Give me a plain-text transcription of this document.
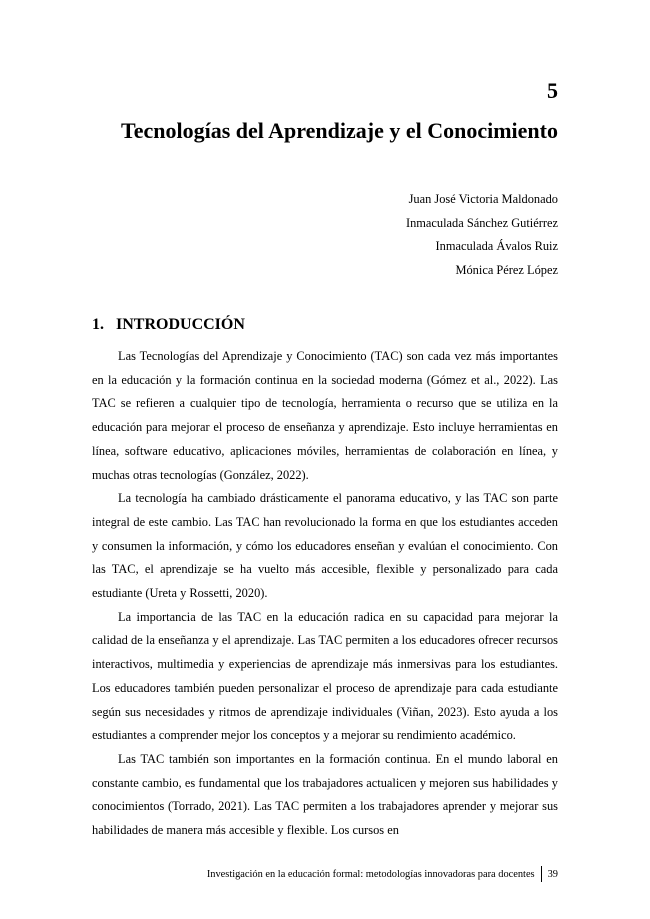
5
Tecnologías del Aprendizaje y el Conocimiento
Juan José Victoria Maldonado
Inmaculada Sánchez Gutiérrez
Inmaculada Ávalos Ruiz
Mónica Pérez López
1.   INTRODUCCIÓN

Las Tecnologías del Aprendizaje y Conocimiento (TAC) son cada vez más importantes en la educación y la formación continua en la sociedad moderna (Gómez et al., 2022). Las TAC se refieren a cualquier tipo de tecnología, herramienta o recurso que se utiliza en la educación para mejorar el proceso de enseñanza y aprendizaje. Esto incluye herramientas en línea, software educativo, aplicaciones móviles, herramientas de colaboración en línea, y muchas otras tecnologías (González, 2022).

La tecnología ha cambiado drásticamente el panorama educativo, y las TAC son parte integral de este cambio. Las TAC han revolucionado la forma en que los estudiantes acceden y consumen la información, y cómo los educadores enseñan y evalúan el conocimiento. Con las TAC, el aprendizaje se ha vuelto más accesible, flexible y personalizado para cada estudiante (Ureta y Rossetti, 2020).

La importancia de las TAC en la educación radica en su capacidad para mejorar la calidad de la enseñanza y el aprendizaje. Las TAC permiten a los educadores ofrecer recursos interactivos, multimedia y experiencias de aprendizaje más inmersivas para los estudiantes. Los educadores también pueden personalizar el proceso de aprendizaje para cada estudiante según sus necesidades y ritmos de aprendizaje individuales (Viñan, 2023). Esto ayuda a los estudiantes a comprender mejor los conceptos y a mejorar su rendimiento académico.

Las TAC también son importantes en la formación continua. En el mundo laboral en constante cambio, es fundamental que los trabajadores actualicen y mejoren sus habilidades y conocimientos (Torrado, 2021). Las TAC permiten a los trabajadores aprender y mejorar sus habilidades de manera más accesible y flexible. Los cursos en

Investigación en la educación formal: metodologías innovadoras para docentes 39
